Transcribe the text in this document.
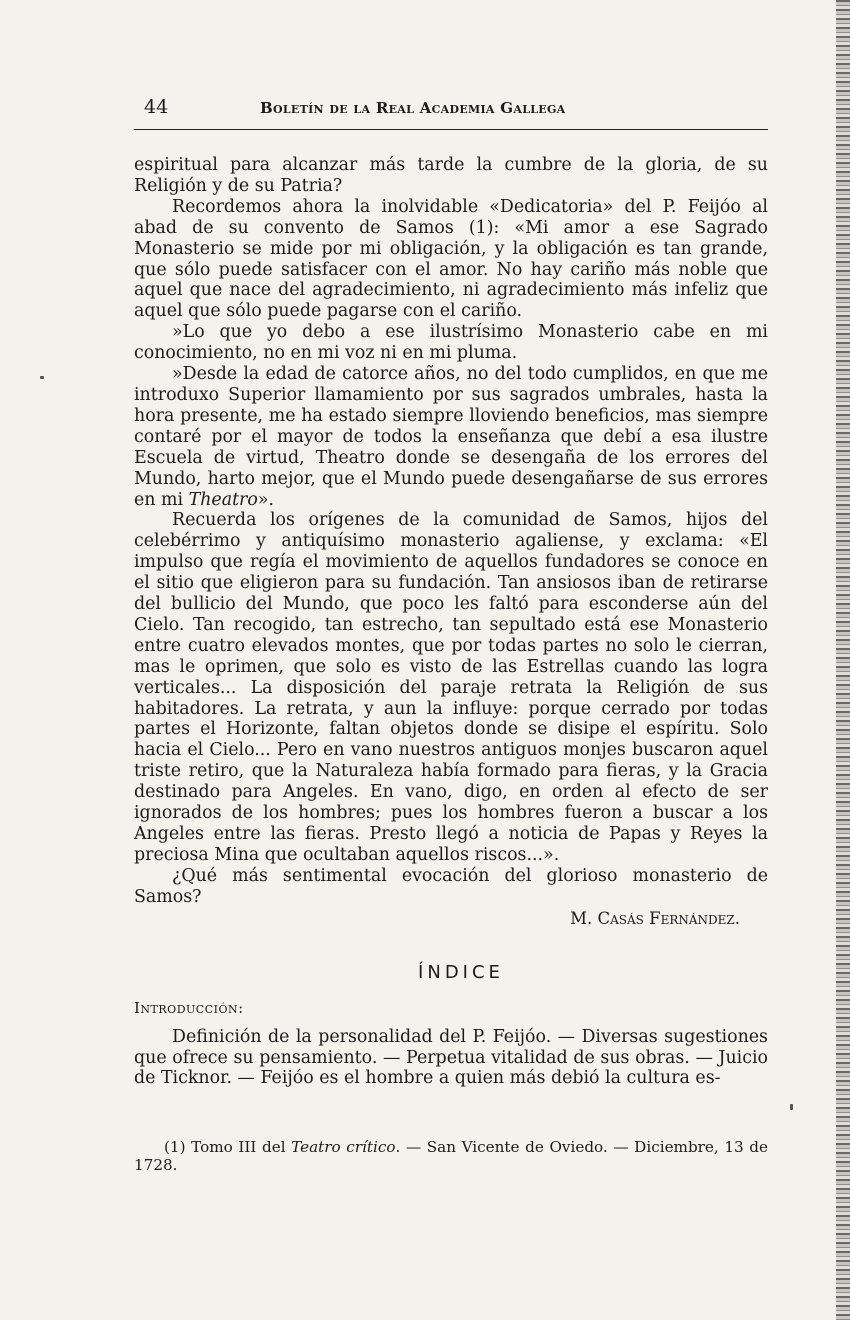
44	Boletín de la Real Academia Gallega

espiritual para alcanzar más tarde la cumbre de la gloria, de su Religión y de su Patria?

Recordemos ahora la inolvidable «Dedicatoria» del P. Feijóo al abad de su convento de Samos (1): «Mi amor a ese Sagrado Monasterio se mide por mi obligación, y la obligación es tan grande, que sólo puede satisfacer con el amor. No hay cariño más noble que aquel que nace del agradecimiento, ni agradecimiento más infeliz que aquel que sólo puede pagarse con el cariño.

»Lo que yo debo a ese ilustrísimo Monasterio cabe en mi conocimiento, no en mi voz ni en mi pluma.

»Desde la edad de catorce años, no del todo cumplidos, en que me introduxo Superior llamamiento por sus sagrados umbrales, hasta la hora presente, me ha estado siempre lloviendo beneficios, mas siempre contaré por el mayor de todos la enseñanza que debí a esa ilustre Escuela de virtud, Theatro donde se desengaña de los errores del Mundo, harto mejor, que el Mundo puede desengañarse de sus errores en mi Theatro».

Recuerda los orígenes de la comunidad de Samos, hijos del celebérrimo y antiquísimo monasterio agaliense, y exclama: «El impulso que regía el movimiento de aquellos fundadores se conoce en el sitio que eligieron para su fundación. Tan ansiosos iban de retirarse del bullicio del Mundo, que poco les faltó para esconderse aún del Cielo. Tan recogido, tan estrecho, tan sepultado está ese Monasterio entre cuatro elevados montes, que por todas partes no solo le cierran, mas le oprimen, que solo es visto de las Estrellas cuando las logra verticales... La disposición del paraje retrata la Religión de sus habitadores. La retrata, y aun la influye: porque cerrado por todas partes el Horizonte, faltan objetos donde se disipe el espíritu. Solo hacia el Cielo... Pero en vano nuestros antiguos monjes buscaron aquel triste retiro, que la Naturaleza había formado para fieras, y la Gracia destinado para Angeles. En vano, digo, en orden al efecto de ser ignorados de los hombres; pues los hombres fueron a buscar a los Angeles entre las fieras. Presto llegó a noticia de Papas y Reyes la preciosa Mina que ocultaban aquellos riscos...».

¿Qué más sentimental evocación del glorioso monasterio de Samos?

M. Casás Fernández.
ÍNDICE
Introducción:

Definición de la personalidad del P. Feijóo. — Diversas sugestiones que ofrece su pensamiento. — Perpetua vitalidad de sus obras. — Juicio de Ticknor. — Feijóo es el hombre a quien más debió la cultura es-

(1) Tomo III del Teatro crítico. — San Vicente de Oviedo. — Diciembre, 13 de 1728.
